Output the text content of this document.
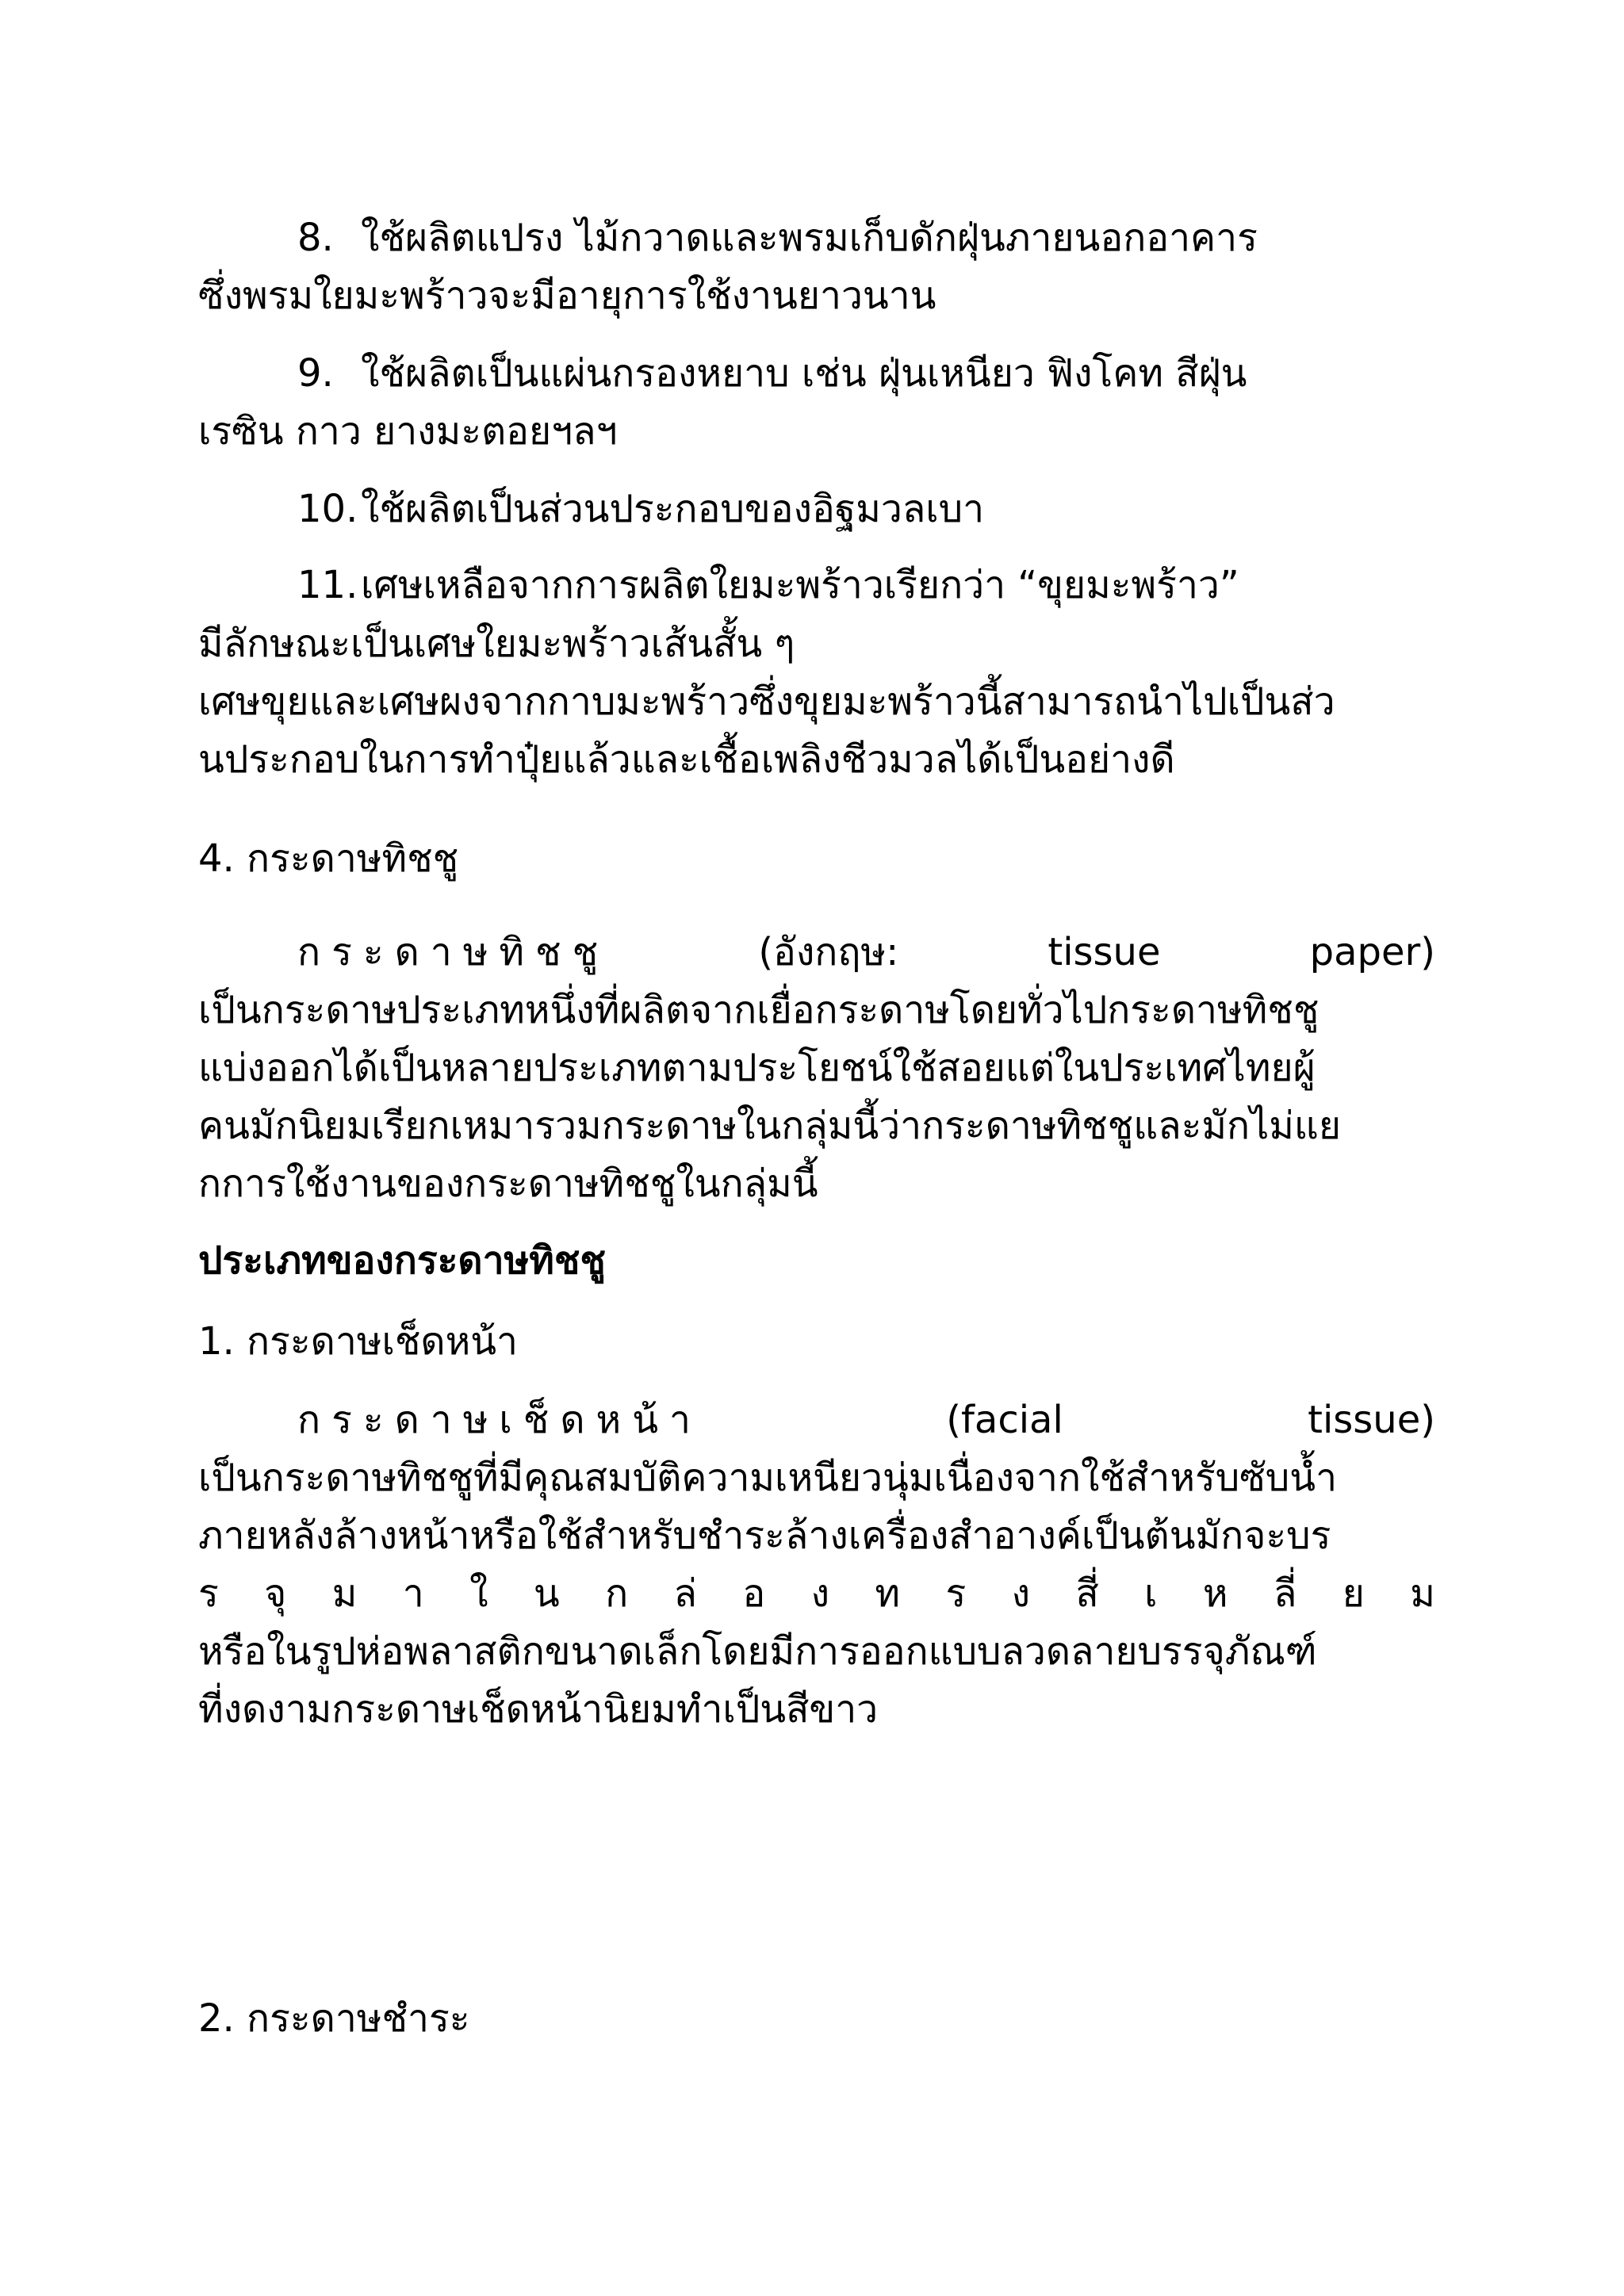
8. ใช้ผลิตแปรง ไม้กวาดและพรมเก็บดักฝุ่นภายนอกอาคาร
ซึ่งพรมใยมะพร้าวจะมีอายุการใช้งานยาวนาน
9. ใช้ผลิตเป็นแผ่นกรองหยาบ เช่น ฝุ่นเหนียว ฟิงโคท สีฝุ่น
เรซิน กาว ยางมะตอยฯลฯ
10.ใช้ผลิตเป็นส่วนประกอบของอิฐมวลเบา
11.เศษเหลือจากการผลิตใยมะพร้าวเรียกว่า “ขุยมะพร้าว”
มีลักษณะเป็นเศษใยมะพร้าวเส้นสั้น ๆ
เศษขุยและเศษผงจากกาบมะพร้าวซึ่งขุยมะพร้าวนี้สามารถนำไปเป็นส่ว
นประกอบในการทำปุ๋ยแล้วและเชื้อเพลิงชีวมวลได้เป็นอย่างดี
4. กระดาษทิชชู
กระดาษทิชชู	(อังกฤษ:	tissue	paper)
เป็นกระดาษประเภทหนึ่งที่ผลิตจากเยื่อกระดาษโดยทั่วไปกระดาษทิชชู
แบ่งออกได้เป็นหลายประเภทตามประโยชน์ใช้สอยแต่ในประเทศไทยผู้
คนมักนิยมเรียกเหมารวมกระดาษในกลุ่มนี้ว่ากระดาษทิชชูและมักไม่แย
กการใช้งานของกระดาษทิชชูในกลุ่มนี้
ประเภทของกระดาษทิชชู
1. กระดาษเช็ดหน้า
กระดาษเช็ดหน้า	(facial	tissue)
เป็นกระดาษทิชชูที่มีคุณสมบัติความเหนียวนุ่มเนื่องจากใช้สำหรับซับน้ำ
ภายหลังล้างหน้าหรือใช้สำหรับชำระล้างเครื่องสำอางค์เป็นต้นมักจะบร
ร จุ ม า ใ น ก ล่ อ ง ท ร ง สี่ เ ห ลี่ ย ม
หรือในรูปห่อพลาสติกขนาดเล็กโดยมีการออกแบบลวดลายบรรจุภัณฑ์
ที่งดงามกระดาษเช็ดหน้านิยมทำเป็นสีขาว
2. กระดาษชำระ
